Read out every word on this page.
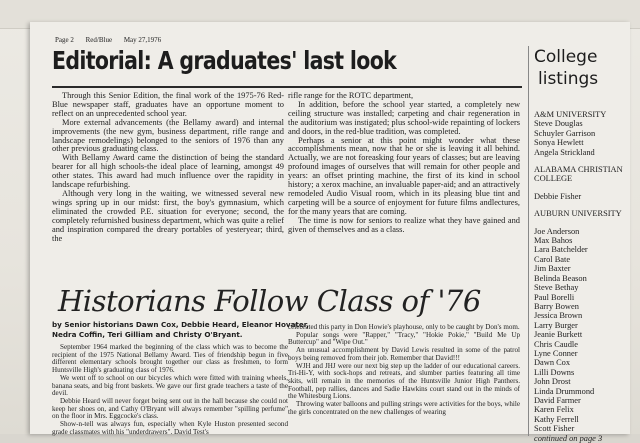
Page 2 Red/Blue May 27,1976
Editorial: A graduates' last look

Through this Senior Edition, the final work of the 1975-76 Red-Blue newspaper staff, graduates have an opportune moment to reflect on an unprecedented school year.

More external advancements (the Bellamy award) and internal improvements (the new gym, business department, rifle range and landscape remodelings) belonged to the seniors of 1976 than any other previous graduating class.

With Bellamy Award came the distinction of being the standard bearer for all high schools-the ideal place of learning, amongst 49 other states. This award had much influence over the rapidity in landscape refurbishing.

Although very long in the waiting, we witnessed several new wings spring up in our midst: first, the boy's gymnasium, which eliminated the crowded P.E. situation for everyone; second, the completely refurnished business department, which was quite a relief and inspiration compared the dreary portables of yesteryear; third, the

rifle range for the ROTC department,

In addition, before the school year started, a completely new ceiling structure was installed; carpeting and chair regeneration in the auditorium was instigated; plus school-wide repainting of lockers and doors, in the red-blue tradition, was completed.

Perhaps a senior at this point might wonder what these accomplishments mean, now that he or she is leaving it all behind. Actually, we are not foreasking four years of classes; but are leaving profound images of ourselves that will remain for other people and years: an offset printing machine, the first of its kind in school history; a xerox machine, an invaluable paper-aid; and an attractively remodeled Audio Visual room, which in its pleasing blue tint and carpeting will be a source of enjoyment for future films andlectures, for the many years that are coming.

The time is now for seniors to realize what they have gained and given of themselves and as a class.

College
listings
A&M UNIVERSITY
Steve Douglas
Schuyler Garrison
Sonya Hewlett
Angela Strickland
ALABAMA CHRISTIAN COLLEGE
Debbie Fisher
AUBURN UNIVERSITY
Joe Anderson
Max Bahos
Lara Batchelder
Carol Bate
Jim Baxter
Belinda Beason
Steve Bethay
Paul Borelli
Barry Bowen
Jessica Brown
Larry Burger
Jeanie Burkett
Chris Caudle
Lyne Conner
Dawn Cox
Lilli Downs
John Drost
Linda Drummond
David Farmer
Karen Felix
Kathy Ferrell
Scott Fisher
continued on page 3
Historians Follow Class of '76
by Senior historians Dawn Cox, Debbie Heard, Eleanor Hovater, Nedra Coffin, Teri Gilliam and Christy O'Bryant.

September 1964 marked the beginning of the class which was to become the recipient of the 1975 National Bellamy Award. Ties of friendship begun in five different elementary schools brought together our class as freshmen, to form Huntsville High's graduating class of 1976.

We went off to school on our bicycles which were fitted with training wheels, banana seats, and big front baskets. We gave our first grade teachers a taste of the devil.

Debbie Heard will never forget being sent out in the hall because she could not keep her shoes on, and Cathy O'Bryant will always remember "spilling perfume" on the floor in Mrs. Eggcocke's class.

Show-n-tell was always fun, especially when Kyle Huston presented second grade classmates with his "underdrawers". David Test's

celebrated this party in Don Howie's playhouse, only to be caught by Don's mom.

Popular songs were "Rapper," "Tracy," "Hokie Pokie," "Build Me Up Buttercup" and "Wipe Out."

An unusual accomplishment by David Lewis resulted in some of the patrol boys being removed from their job. Remember that David!!!

WJH and JHJ were our next big step up the ladder of our educational careers. Tri-Hi-Y, with sock-hops and retreats, and slumber parties featuring all time skits, will remain in the memories of the Huntsville Junior High Panthers. Football, pep rallies, dances and Sadie Hawkins court stand out in the minds of the Whitesburg Lions.

Throwing water balloons and pulling strings were activities for the boys, while the girls concentrated on the new challenges of wearing
